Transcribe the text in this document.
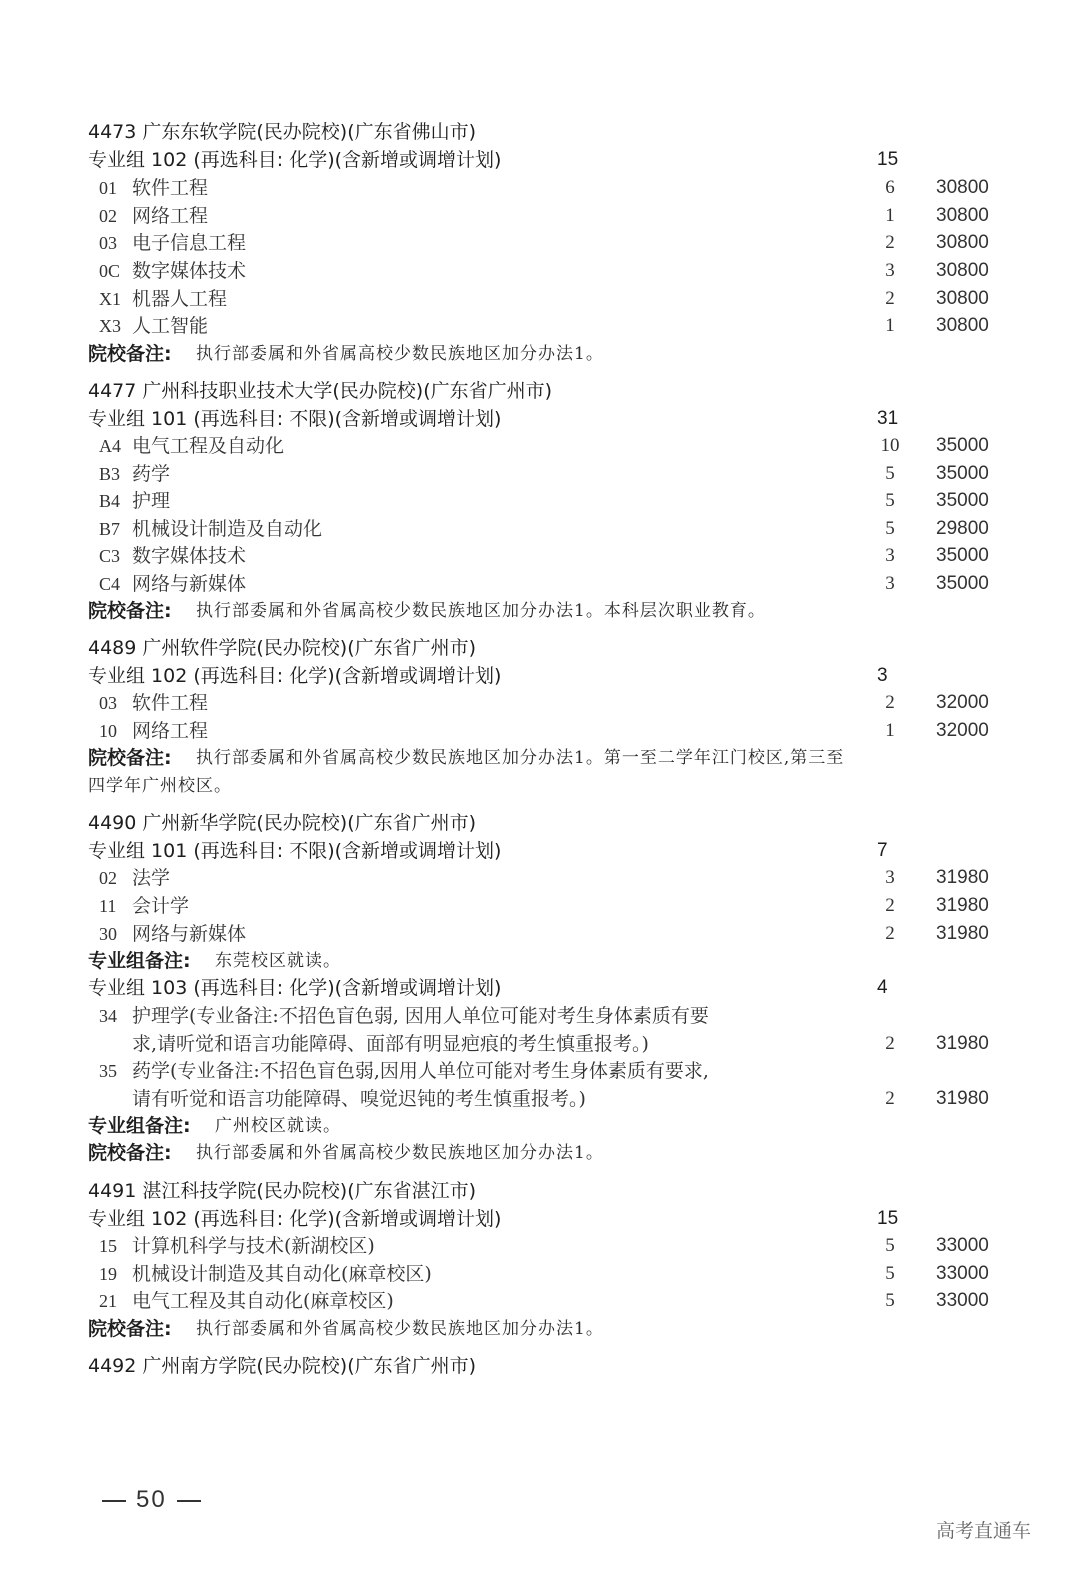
4473 广东东软学院(民办院校)(广东省佛山市)
专业组 102 (再选科目: 化学)(含新增或调增计划)	15
01 软件工程	6	30800
02 网络工程	1	30800
03 电子信息工程	2	30800
0C 数字媒体技术	3	30800
X1 机器人工程	2	30800
X3 人工智能	1	30800
院校备注: 执行部委属和外省属高校少数民族地区加分办法1。
4477 广州科技职业技术大学(民办院校)(广东省广州市)
专业组 101 (再选科目: 不限)(含新增或调增计划)	31
A4 电气工程及自动化	10 35000
B3 药学	5	35000
B4 护理	5	35000
B7 机械设计制造及自动化	5	29800
C3 数字媒体技术	3	35000
C4 网络与新媒体	3	35000
院校备注: 执行部委属和外省属高校少数民族地区加分办法1。本科层次职业教育。
4489 广州软件学院(民办院校)(广东省广州市)
专业组 102 (再选科目: 化学)(含新增或调增计划)	3
03 软件工程	2	32000
10 网络工程	1	32000
院校备注: 执行部委属和外省属高校少数民族地区加分办法1。第一至二学年江门校区,第三至
四学年广州校区。
4490 广州新华学院(民办院校)(广东省广州市)
专业组 101 (再选科目: 不限)(含新增或调增计划)	7
02 法学	3	31980
11 会计学	2	31980
30 网络与新媒体	2	31980
专业组备注: 东莞校区就读。
专业组 103 (再选科目: 化学)(含新增或调增计划)	4
34 护理学(专业备注:不招色盲色弱, 因用人单位可能对考生身体素质有要
求,请听觉和语言功能障碍、面部有明显疤痕的考生慎重报考。)	2	31980
35 药学(专业备注:不招色盲色弱,因用人单位可能对考生身体素质有要求,
请有听觉和语言功能障碍、嗅觉迟钝的考生慎重报考。)	2	31980
专业组备注: 广州校区就读。
院校备注: 执行部委属和外省属高校少数民族地区加分办法1。
4491 湛江科技学院(民办院校)(广东省湛江市)
专业组 102 (再选科目: 化学)(含新增或调增计划)	15
15 计算机科学与技术(新湖校区)	5	33000
19 机械设计制造及其自动化(麻章校区)	5	33000
21 电气工程及其自动化(麻章校区)	5	33000
院校备注: 执行部委属和外省属高校少数民族地区加分办法1。
4492 广州南方学院(民办院校)(广东省广州市)
50
高考直通车
